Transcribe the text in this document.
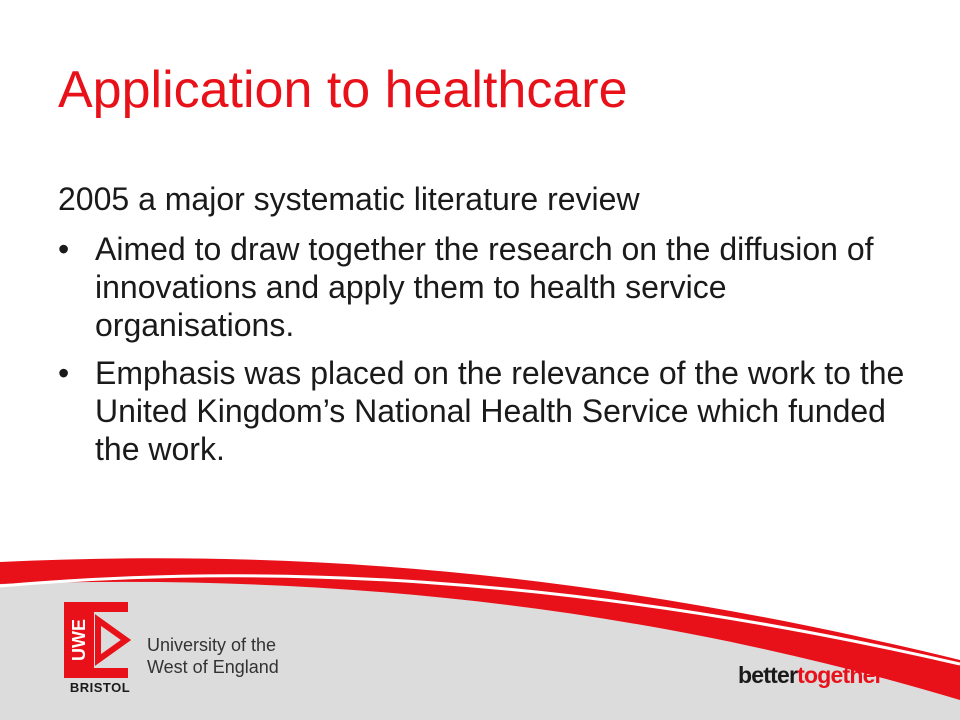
Application to healthcare

2005 a major systematic literature review

• Aimed to draw together the research on the diffusion of innovations and apply them to health service organisations.
• Emphasis was placed on the relevance of the work to the United Kingdom’s National Health Service which funded the work.
UWE

BRISTOL

University of the
West of England	bettertogether
